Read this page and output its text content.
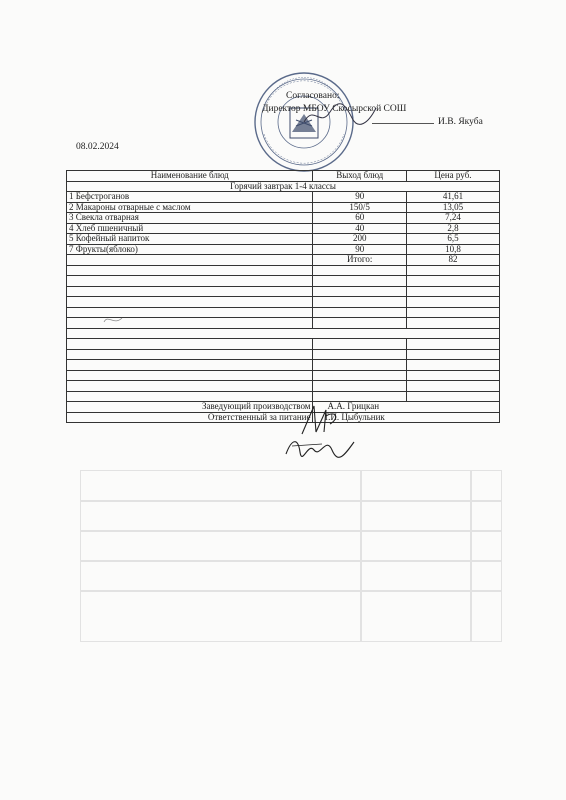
Согласовано:
Директор МБОУ Скосырской СОШ
И.В. Якуба
08.02.2024
Наименование блюд	Выход блюд	Цена руб.
Горячий завтрак 1-4 классы		
1 Бефстроганов	90	41,61
2 Макароны отварные с маслом	150/5	13,05
3 Свекла отварная	60	7,24
4 Хлеб пшеничный	40	2,8
5 Кофейный напиток	200	6,5
7 Фрукты(яблоко)	90	10,8
	Итого:	82

Заведующий производством	А.А. Грицкан	
Ответственный за питание	Т.И. Цыбульник	
